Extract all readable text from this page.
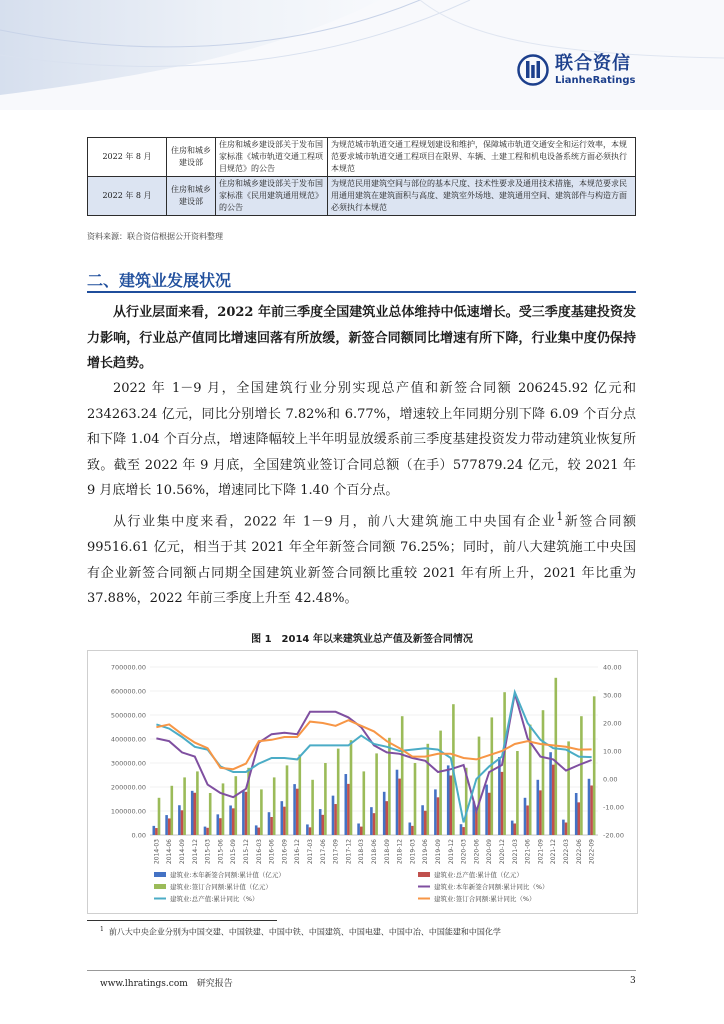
联合资信
LianheRatings
2022 年 8 月	住房和城乡建设部	住房和城乡建设部关于发布国家标准《城市轨道交通工程项目规范》的公告	为规范城市轨道交通工程规划建设和维护，保障城市轨道交通安全和运行效率，本规范要求城市轨道交通工程项目在限界、车辆、土建工程和机电设备系统方面必须执行本规范
2022 年 8 月	住房和城乡建设部	住房和城乡建设部关于发布国家标准《民用建筑通用规范》的公告	为规范民用建筑空间与部位的基本尺度、技术性要求及通用技术措施，本规范要求民用通用建筑在建筑面积与高度、建筑室外场地、建筑通用空间、建筑部件与构造方面必须执行本规范
资料来源：联合资信根据公开资料整理
二、建筑业发展状况

从行业层面来看，2022 年前三季度全国建筑业总体维持中低速增长。受三季度基建投资发力影响，行业总产值同比增速回落有所放缓，新签合同额同比增速有所下降，行业集中度仍保持增长趋势。

2022 年 1－9 月，全国建筑行业分别实现总产值和新签合同额 206245.92 亿元和 234263.24 亿元，同比分别增长 7.82%和 6.77%，增速较上年同期分别下降 6.09 个百分点和下降 1.04 个百分点，增速降幅较上半年明显放缓系前三季度基建投资发力带动建筑业恢复所致。截至 2022 年 9 月底，全国建筑业签订合同总额（在手）577879.24 亿元，较 2021 年 9 月底增长 10.56%，增速同比下降 1.40 个百分点。

从行业集中度来看，2022 年 1－9 月，前八大建筑施工中央国有企业$^1$新签合同额 99516.61 亿元，相当于其 2021 年全年新签合同额 76.25%；同时，前八大建筑施工中央国有企业新签合同额占同期全国建筑业新签合同额比重较 2021 年有所上升，2021 年比重为 37.88%，2022 年前三季度上升至 42.48%。

图 1　2014 年以来建筑业总产值及新签合同情况
700000.00
600000.00
500000.00
400000.00
300000.00
200000.00
100000.00
0.00
40.00
30.00
20.00
10.00
0.00
-10.00
-20.00
2014-03 2014-06 2014-09 2014-12 2015-03 2015-06 2015-09 2015-12 2016-03 2016-06 2016-09 2016-12 2017-03 2017-06 2017-09 2017-12 2018-03 2018-06 2018-09 2018-12 2019-03 2019-06 2019-09 2019-12 2020-03 2020-06 2020-09 2020-12 2021-03 2021-06 2021-09 2021-12 2022-03 2022-06 2022-09
建筑业:本年新签合同额:累计值（亿元）	建筑业:总产值:累计值（亿元）
建筑业:签订合同额:累计值（亿元）	建筑业:本年新签合同额:累计同比（%）
建筑业:总产值:累计同比（%）	建筑业:签订合同额:累计同比（%）
$^1$ 前八大中央企业分别为中国交建、中国铁建、中国中铁、中国建筑、中国电建、中国中冶、中国能建和中国化学
www.lhratings.com　研究报告	3
